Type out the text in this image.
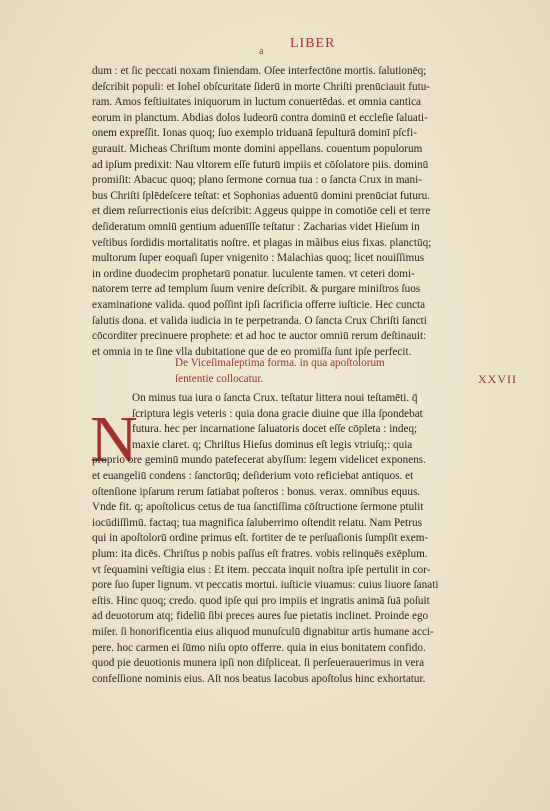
a
LIBER
dum : et ſic peccati noxam finiendam. Oſee interfectōne mortis. ſalutionēq;
deſcribit populi: et Iohel obſcuritate ſiderū in morte Chriſti prenūciauit futu-
ram. Amos feſtiuitates iniquorum in luctum conuertēdas. et omnia cantica
eorum in planctum. Abdias dolos Iudeorū contra dominū et eccleſie ſaluati-
onem expreſſit. Ionas quoq; ſuo exemplo triduanā ſepulturā dominī pſcfi-
gurauit. Micheas Chriſtum monte domini appellans. couentum populorum
ad ipſum predixit: Nau vltorem eſſe futurū impiis et cōſolatore piis. dominū
promiſit: Abacuc quoq; plano ſermone cornua tua : o ſancta Crux in mani-
bus Chriſti ſplēdeſcere teſtat: et Sophonias aduentū domini prenūciat futuru.
et diem reſurrectionis eius deſcribit: Aggeus quippe in comotiōe celi et terre
deſideratum omniū gentium aduenīſſe teſtatur : Zacharias videt Hieſum in
veſtibus ſordidis mortalitatis noſtre. et plagas in mãibus eius fixas. planctūq;
multorum ſuper eoquaſi ſuper vnigenito : Malachias quoq; licet nouiſſimus
in ordine duodecim prophetarū ponatur. luculente tamen. vt ceteri domi-
natorem terre ad templum ſuum venire deſcribit. & purgare miniſtros ſuos
examinatione valida. quod poſſint ipſi ſacrificia offerre iuſticie. Hec cuncta
ſalutis dona. et valida iudicia in te perpetranda. O ſancta Crux Chriſti ſancti
cōcorditer precinuere prophete: et ad hoc te auctor omniū rerum deſtinauit:
et omnia in te ſine vlla dubitatione que de eo promiſſa ſunt ipſe perfecit.
De Viceſimaſeptima forma. in qua apoſtolorum
ſententie collocatur.	XXVII
N
On minus tua iura o ſancta Crux. teſtatur littera noui teſtamēti. q̄
ſcriptura legis veteris : quia dona gracie diuine que illa ſpondebat
futura. hec per incarnatione ſaluatoris docet eſſe cōpleta : indeq;
maxie claret. q; Chriſtus Hieſus dominus eſt legis vtriuſq;: quia
proprio ore geminū mundo patefecerat abyſſum: legem videlicet exponens.
et euangeliū condens : ſanctorūq; deſiderium voto reficiebat antiquos. et
oſtenſione ipſarum rerum ſatiabat poſteros : bonus. verax. omnibus equus.
Vnde fit. q; apoſtolicus cetus de tua ſanctiſſima cōſtructione ſermone ptulit
iocūdiſſimū. factaq; tua magnifica ſaluberrimo oſtendit relatu. Nam Petrus
qui in apoſtolorū ordine primus eſt. fortiter de te perſuaſionis ſumpſit exem-
plum: ita dicēs. Chriſtus p nobis paſſus eſt fratres. vobis relinquēs exēplum.
vt ſequamini veſtigia eius : Et item. peccata inquit noſtra ipſe pertulit in cor-
pore ſuo ſuper lignum. vt peccatis mortui. iuſticie viuamus: cuius liuore ſanati
eſtis. Hinc quoq; credo. quod ipſe qui pro impiis et ingratis animā ſuā poſuit
ad deuotorum atq; fideliū ſibi preces aures ſue pietatis inclinet. Proinde ego
miſer. ſi honorificentia eius aliquod munuſculū dignabitur artis humane acci-
pere. hoc carmen ei ſūmo niſu opto offerre. quia in eius bonitatem confido.
quod pie deuotionis munera ipſi non diſpliceat. ſi perſeuerauerimus in vera
confeſſione nominis eius. Aſt nos beatus Iacobus apoſtolus hinc exhortatur.
